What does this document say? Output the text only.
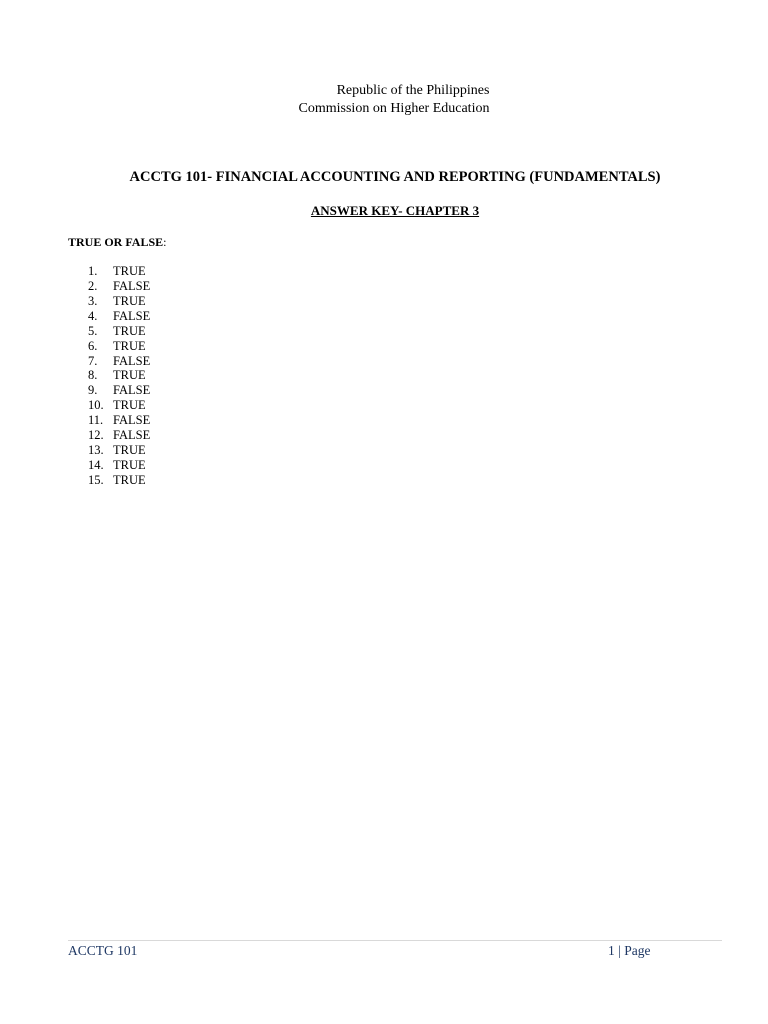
Republic of the Philippines
Commission on Higher Education
ACCTG 101- FINANCIAL ACCOUNTING AND REPORTING (FUNDAMENTALS)
ANSWER KEY- CHAPTER 3
TRUE OR FALSE:
1. TRUE
2. FALSE
3. TRUE
4. FALSE
5. TRUE
6. TRUE
7. FALSE
8. TRUE
9. FALSE
10. TRUE
11. FALSE
12. FALSE
13. TRUE
14. TRUE
15. TRUE
ACCTG 101	1 | Page
